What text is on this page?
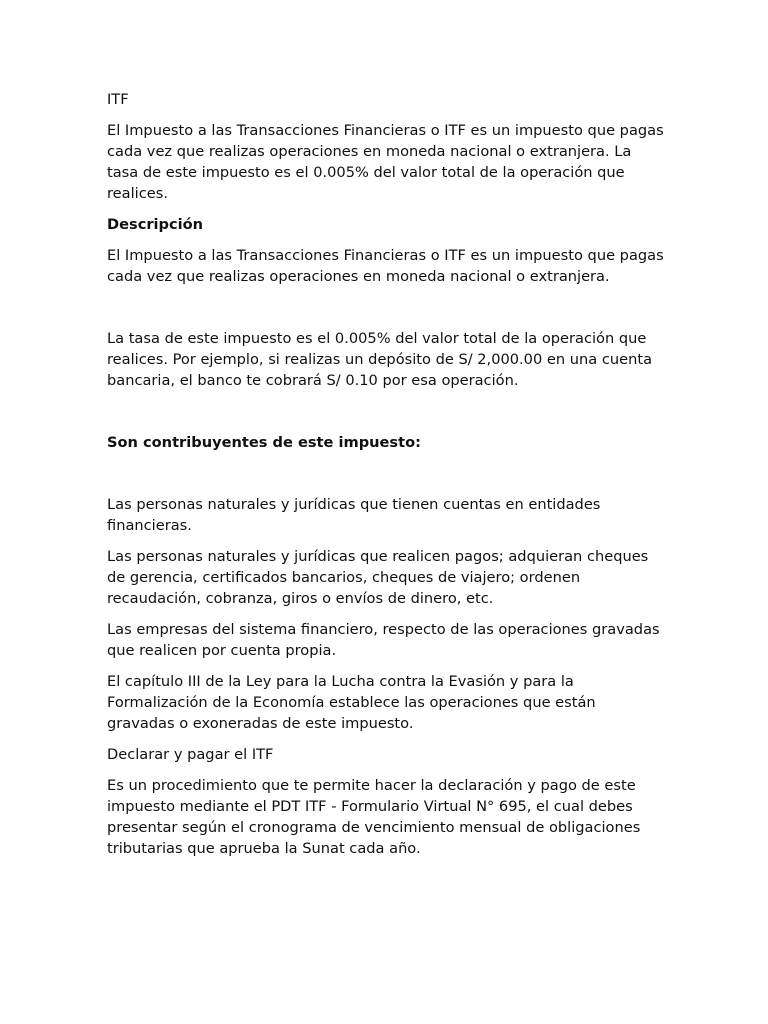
ITF

El Impuesto a las Transacciones Financieras o ITF es un impuesto que pagas cada vez que realizas operaciones en moneda nacional o extranjera. La tasa de este impuesto es el 0.005% del valor total de la operación que realices.

Descripción

El Impuesto a las Transacciones Financieras o ITF es un impuesto que pagas cada vez que realizas operaciones en moneda nacional o extranjera.

La tasa de este impuesto es el 0.005% del valor total de la operación que realices. Por ejemplo, si realizas un depósito de S/ 2,000.00 en una cuenta bancaria, el banco te cobrará S/ 0.10 por esa operación.

Son contribuyentes de este impuesto:

Las personas naturales y jurídicas que tienen cuentas en entidades financieras.

Las personas naturales y jurídicas que realicen pagos; adquieran cheques de gerencia, certificados bancarios, cheques de viajero; ordenen recaudación, cobranza, giros o envíos de dinero, etc.

Las empresas del sistema financiero, respecto de las operaciones gravadas que realicen por cuenta propia.

El capítulo III de la Ley para la Lucha contra la Evasión y para la Formalización de la Economía establece las operaciones que están gravadas o exoneradas de este impuesto.

Declarar y pagar el ITF

Es un procedimiento que te permite hacer la declaración y pago de este impuesto mediante el PDT ITF - Formulario Virtual N° 695, el cual debes presentar según el cronograma de vencimiento mensual de obligaciones tributarias que aprueba la Sunat cada año.
